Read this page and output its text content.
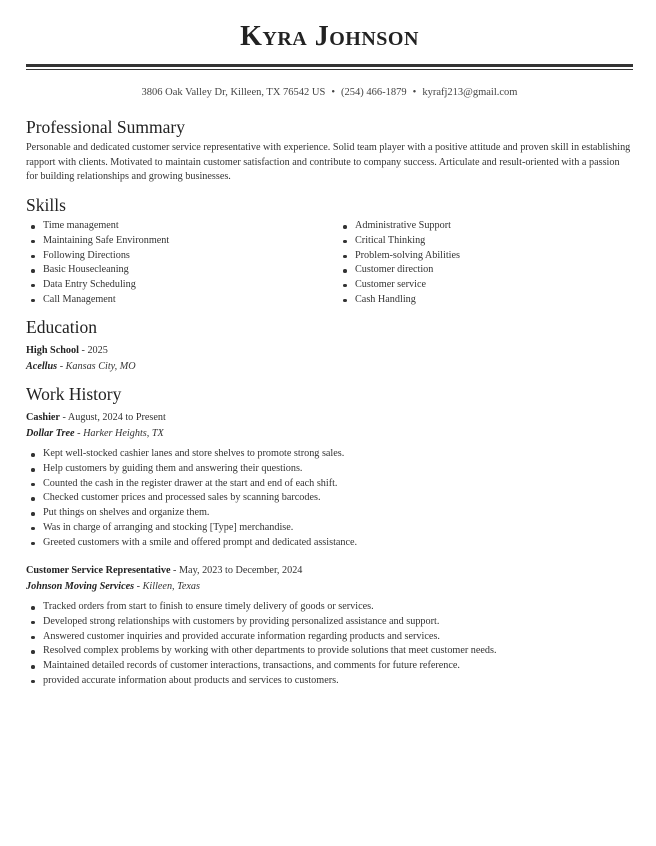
Kyra Johnson
3806 Oak Valley Dr, Killeen, TX 76542 US • (254) 466-1879 • kyrafj213@gmail.com
Professional Summary

Personable and dedicated customer service representative with experience. Solid team player with a positive attitude and proven skill in establishing rapport with clients. Motivated to maintain customer satisfaction and contribute to company success. Articulate and result-oriented with a passion for building relationships and growing businesses.

Skills
Time management
Maintaining Safe Environment
Following Directions
Basic Housecleaning
Data Entry Scheduling
Call Management
Administrative Support
Critical Thinking
Problem-solving Abilities
Customer direction
Customer service
Cash Handling
Education
High School - 2025
Acellus - Kansas City, MO
Work History
Cashier - August, 2024 to Present
Dollar Tree - Harker Heights, TX
Kept well-stocked cashier lanes and store shelves to promote strong sales.
Help customers by guiding them and answering their questions.
Counted the cash in the register drawer at the start and end of each shift.
Checked customer prices and processed sales by scanning barcodes.
Put things on shelves and organize them.
Was in charge of arranging and stocking [Type] merchandise.
Greeted customers with a smile and offered prompt and dedicated assistance.
Customer Service Representative - May, 2023 to December, 2024
Johnson Moving Services - Killeen, Texas
Tracked orders from start to finish to ensure timely delivery of goods or services.
Developed strong relationships with customers by providing personalized assistance and support.
Answered customer inquiries and provided accurate information regarding products and services.
Resolved complex problems by working with other departments to provide solutions that meet customer needs.
Maintained detailed records of customer interactions, transactions, and comments for future reference.
provided accurate information about products and services to customers.
